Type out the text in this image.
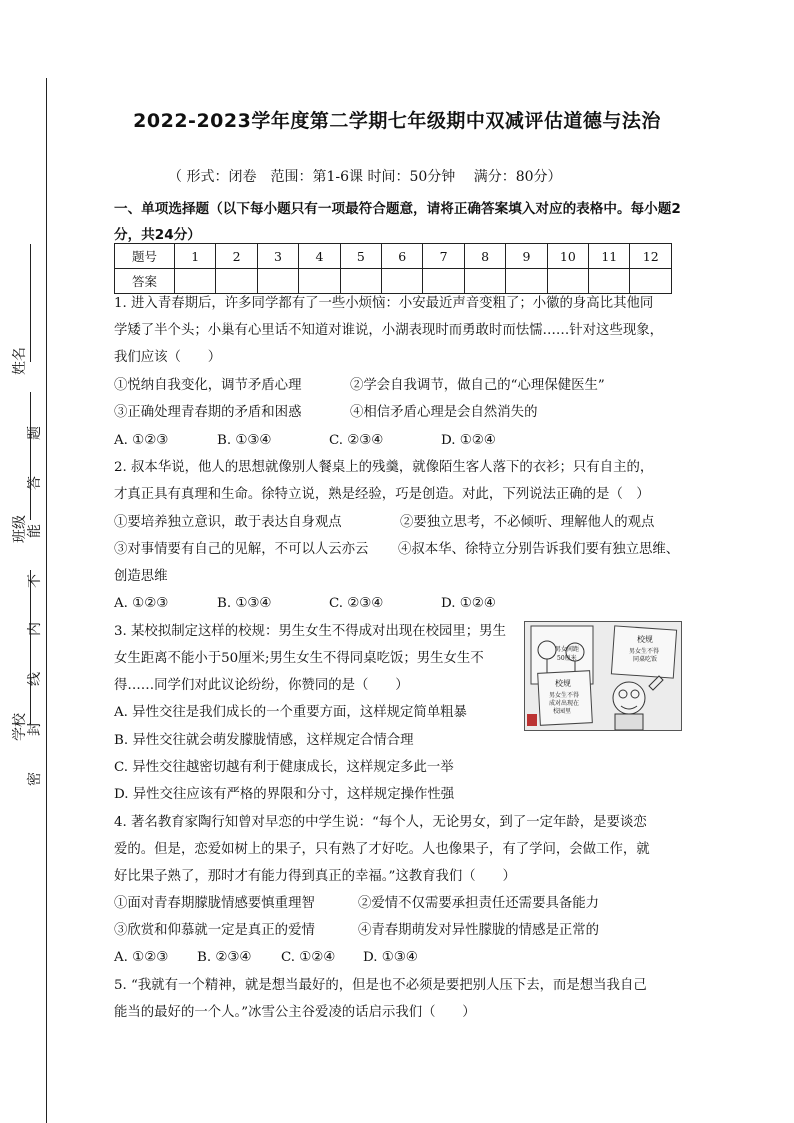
姓名
班级
学校
题
答
能
不
内
线
封
密
2022-2023学年度第二学期七年级期中双减评估道德与法治
（ 形式：闭卷　范围：第1-6课 时间：50分钟　 满分：80分）
一、单项选择题（以下每小题只有一项最符合题意，请将正确答案填入对应的表格中。每小题2分，共24分）
题号	1	2	3	4	5	6	7	8	9	10	11	12
答案												
1. 进入青春期后，许多同学都有了一些小烦恼：小安最近声音变粗了；小徽的身高比其他同
学矮了半个头；小巢有心里话不知道对谁说，小湖表现时而勇敢时而怯懦……针对这些现象，
我们应该（　　）
①悦纳自我变化，调节矛盾心理	②学会自我调节，做自己的“心理保健医生”
③正确处理青春期的矛盾和困惑	④相信矛盾心理是会自然消失的
A. ①②③	B. ①③④	C. ②③④	D. ①②④
2. 叔本华说，他人的思想就像别人餐桌上的残羹，就像陌生客人落下的衣衫；只有自主的，
才真正具有真理和生命。徐特立说，熟是经验，巧是创造。对此，下列说法正确的是（　）
①要培养独立意识，敢于表达自身观点	②要独立思考，不必倾听、理解他人的观点
③对事情要有自己的见解，不可以人云亦云 ④叔本华、徐特立分别告诉我们要有独立思维、
创造思维
A. ①②③	B. ①③④	C. ②③④	D. ①②④
3. 某校拟制定这样的校规：男生女生不得成对出现在校园里；男生
女生距离不能小于50厘米;男生女生不得同桌吃饭；男生女生不
得……同学们对此议论纷纷，你赞同的是（　　）
A. 异性交往是我们成长的一个重要方面，这样规定简单粗暴
B. 异性交往就会萌发朦胧情感，这样规定合情合理
C. 异性交往越密切越有利于健康成长，这样规定多此一举
D. 异性交往应该有严格的界限和分寸，这样规定操作性强
男女间距
50厘米
校规
男女生不得
同桌吃饭
校规
男女生不得
成对出现在
校园里
4. 著名教育家陶行知曾对早恋的中学生说：“每个人，无论男女，到了一定年龄，是要谈恋
爱的。但是，恋爱如树上的果子，只有熟了才好吃。人也像果子，有了学问，会做工作，就
好比果子熟了，那时才有能力得到真正的幸福。”这教育我们（　　）
①面对青春期朦胧情感要慎重理智	②爱情不仅需要承担责任还需要具备能力
③欣赏和仰慕就一定是真正的爱情	④青春期萌发对异性朦胧的情感是正常的
A. ①②③ B. ②③④ C. ①②④ D. ①③④
5. “我就有一个精神，就是想当最好的，但是也不必须是要把别人压下去，而是想当我自己
能当的最好的一个人。”冰雪公主谷爱凌的话启示我们（　　）
